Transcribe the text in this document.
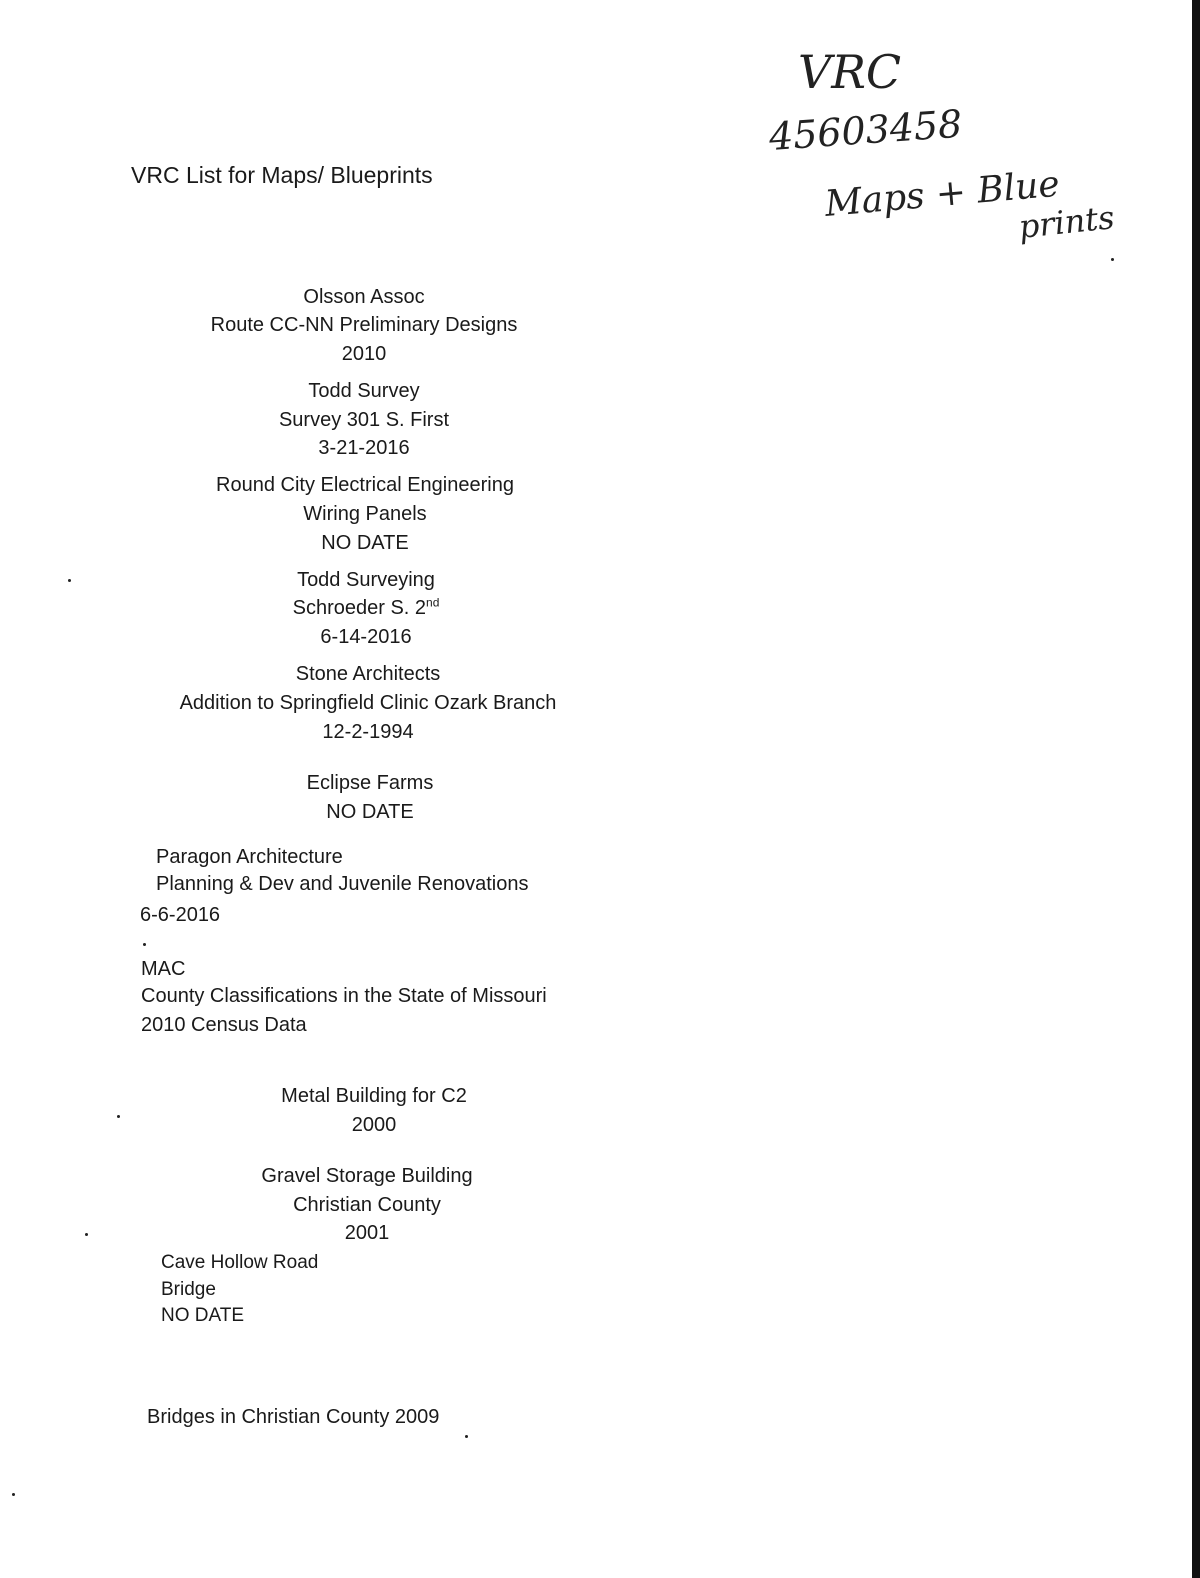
VRC List for Maps/ Blueprints
VRC
45603458
Maps + Blue
prints
Olsson Assoc
Route CC-NN Preliminary Designs
2010
Todd Survey
Survey 301 S. First
3-21-2016
Round City Electrical Engineering
Wiring Panels
NO DATE
Todd Surveying
Schroeder S. 2nd
6-14-2016
Stone Architects
Addition to Springfield Clinic Ozark Branch
12-2-1994
Eclipse Farms
NO DATE
Paragon Architecture
Planning & Dev and Juvenile Renovations
6-6-2016
MAC
County Classifications in the State of Missouri
2010 Census Data
Metal Building for C2
2000
Gravel Storage Building
Christian County
2001
Cave Hollow Road
Bridge
NO DATE
Bridges in Christian County 2009
